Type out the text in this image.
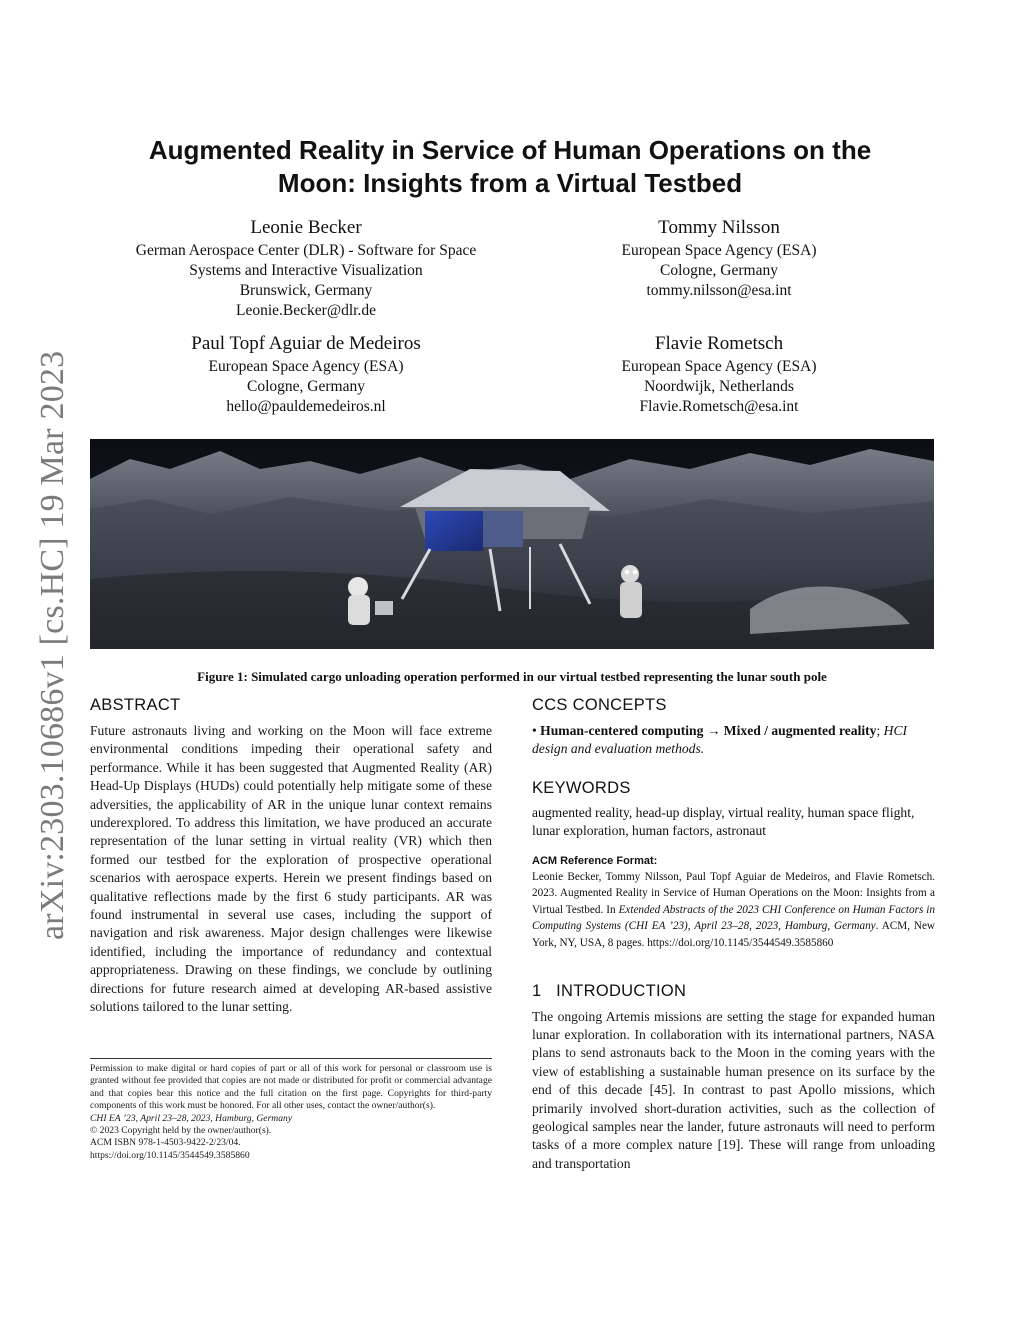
arXiv:2303.10686v1 [cs.HC] 19 Mar 2023
Augmented Reality in Service of Human Operations on the
Moon: Insights from a Virtual Testbed
Leonie Becker
German Aerospace Center (DLR) - Software for Space
Systems and Interactive Visualization
Brunswick, Germany
Leonie.Becker@dlr.de
Tommy Nilsson
European Space Agency (ESA)
Cologne, Germany
tommy.nilsson@esa.int
Paul Topf Aguiar de Medeiros
European Space Agency (ESA)
Cologne, Germany
hello@pauldemedeiros.nl
Flavie Rometsch
European Space Agency (ESA)
Noordwijk, Netherlands
Flavie.Rometsch@esa.int
Figure 1: Simulated cargo unloading operation performed in our virtual testbed representing the lunar south pole
ABSTRACT
Future astronauts living and working on the Moon will face extreme environmental conditions impeding their operational safety and performance. While it has been suggested that Augmented Reality (AR) Head-Up Displays (HUDs) could potentially help mitigate some of these adversities, the applicability of AR in the unique lunar context remains underexplored. To address this limitation, we have produced an accurate representation of the lunar setting in virtual reality (VR) which then formed our testbed for the exploration of prospective operational scenarios with aerospace experts. Herein we present findings based on qualitative reflections made by the first 6 study participants. AR was found instrumental in several use cases, including the support of navigation and risk awareness. Major design challenges were likewise identified, including the importance of redundancy and contextual appropriateness. Drawing on these findings, we conclude by outlining directions for future research aimed at developing AR-based assistive solutions tailored to the lunar setting.
Permission to make digital or hard copies of part or all of this work for personal or classroom use is granted without fee provided that copies are not made or distributed for profit or commercial advantage and that copies bear this notice and the full citation on the first page. Copyrights for third-party components of this work must be honored. For all other uses, contact the owner/author(s).
CHI EA ’23, April 23–28, 2023, Hamburg, Germany
© 2023 Copyright held by the owner/author(s).
ACM ISBN 978-1-4503-9422-2/23/04.
https://doi.org/10.1145/3544549.3585860
CCS CONCEPTS
• Human-centered computing → Mixed / augmented reality; HCI design and evaluation methods.
KEYWORDS
augmented reality, head-up display, virtual reality, human space flight, lunar exploration, human factors, astronaut
ACM Reference Format:
Leonie Becker, Tommy Nilsson, Paul Topf Aguiar de Medeiros, and Flavie Rometsch. 2023. Augmented Reality in Service of Human Operations on the Moon: Insights from a Virtual Testbed. In Extended Abstracts of the 2023 CHI Conference on Human Factors in Computing Systems (CHI EA ’23), April 23–28, 2023, Hamburg, Germany. ACM, New York, NY, USA, 8 pages. https://doi.org/10.1145/3544549.3585860
1 INTRODUCTION
The ongoing Artemis missions are setting the stage for expanded human lunar exploration. In collaboration with its international partners, NASA plans to send astronauts back to the Moon in the coming years with the view of establishing a sustainable human presence on its surface by the end of this decade [45]. In contrast to past Apollo missions, which primarily involved short-duration activities, such as the collection of geological samples near the lander, future astronauts will need to perform tasks of a more complex nature [19]. These will range from unloading and transportation
